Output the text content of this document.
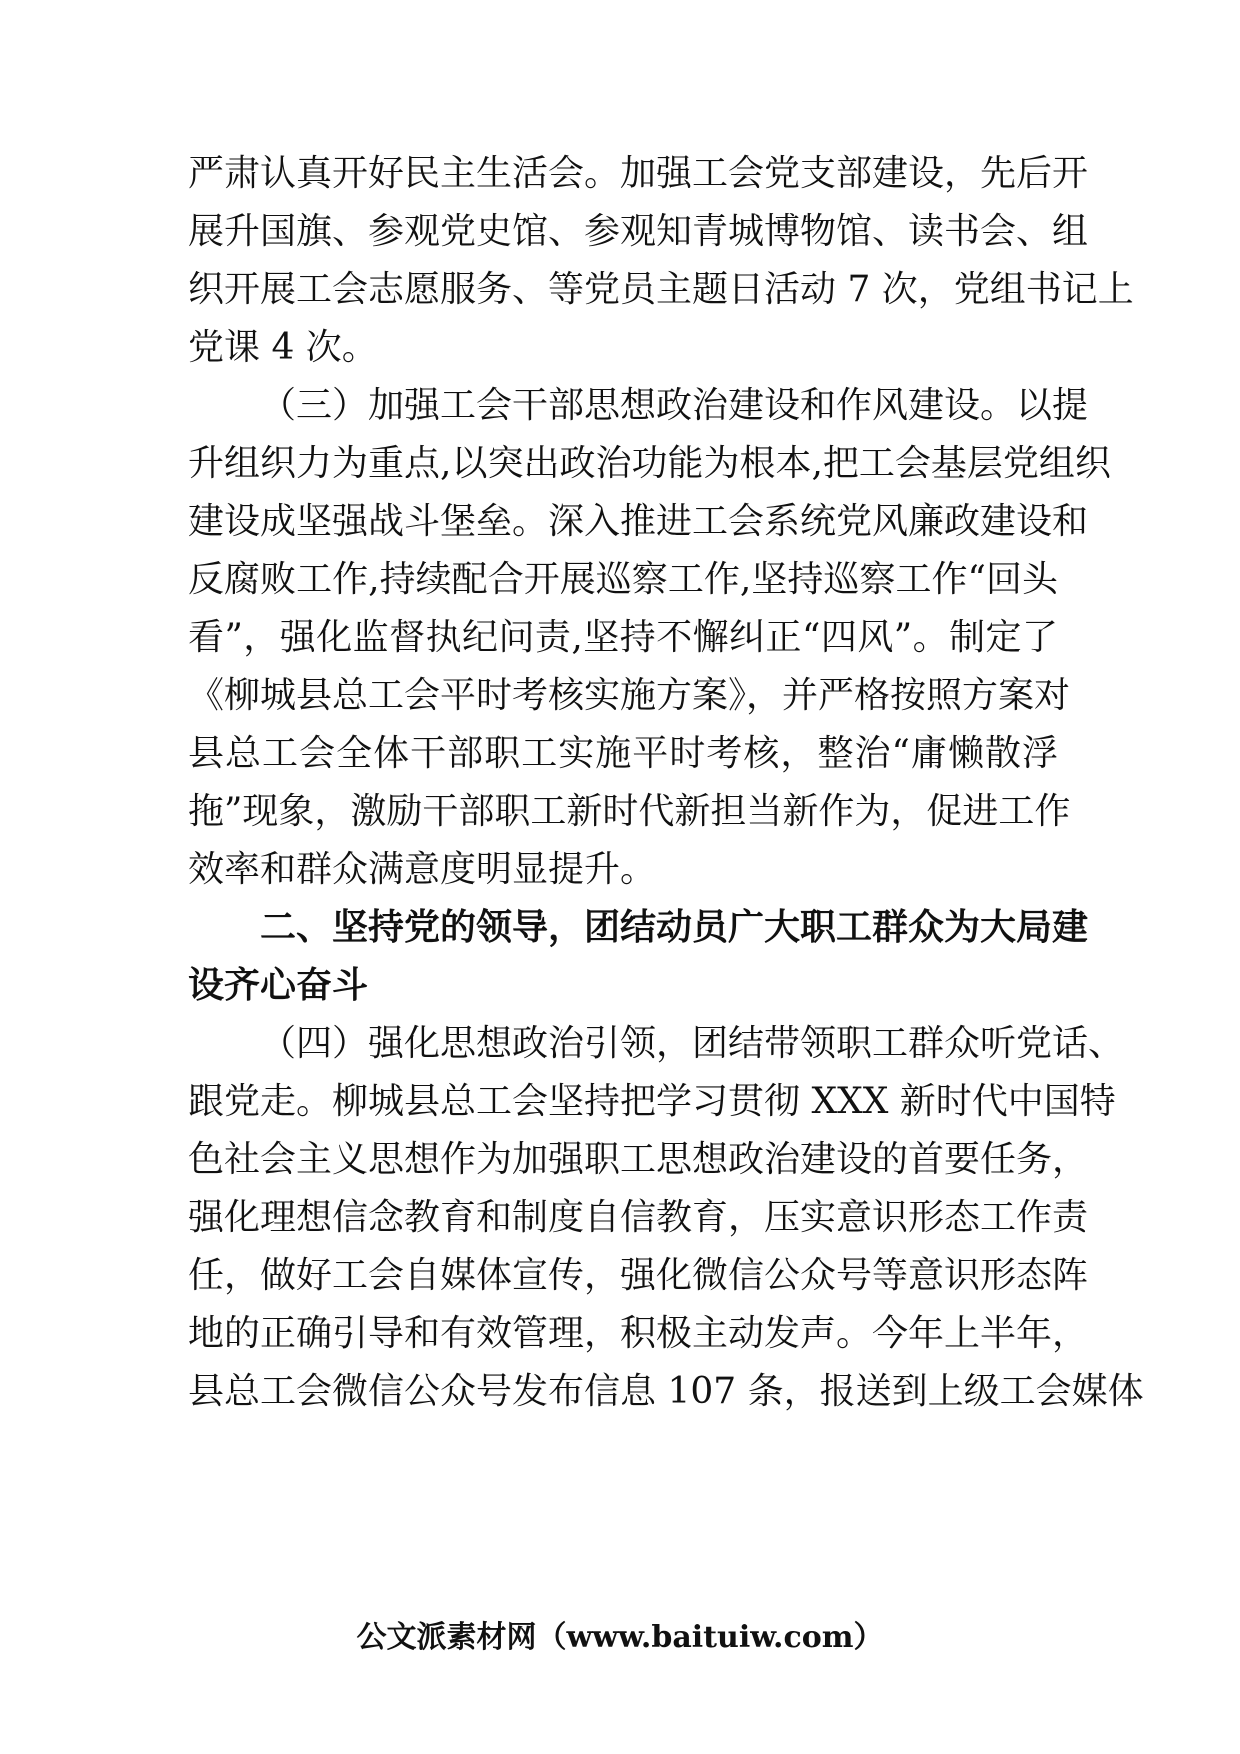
严肃认真开好民主生活会。加强工会党支部建设，先后开
展升国旗、参观党史馆、参观知青城博物馆、读书会、组
织开展工会志愿服务、等党员主题日活动 7 次，党组书记上
党课 4 次。
（三）加强工会干部思想政治建设和作风建设。以提
升组织力为重点,以突出政治功能为根本,把工会基层党组织
建设成坚强战斗堡垒。深入推进工会系统党风廉政建设和
反腐败工作,持续配合开展巡察工作,坚持巡察工作“回头
看”，强化监督执纪问责,坚持不懈纠正“四风”。制定了
《柳城县总工会平时考核实施方案》，并严格按照方案对
县总工会全体干部职工实施平时考核，整治“庸懒散浮
拖”现象，激励干部职工新时代新担当新作为，促进工作
效率和群众满意度明显提升。
二、坚持党的领导，团结动员广大职工群众为大局建
设齐心奋斗
（四）强化思想政治引领，团结带领职工群众听党话、
跟党走。柳城县总工会坚持把学习贯彻 XXX 新时代中国特
色社会主义思想作为加强职工思想政治建设的首要任务，
强化理想信念教育和制度自信教育，压实意识形态工作责
任，做好工会自媒体宣传，强化微信公众号等意识形态阵
地的正确引导和有效管理，积极主动发声。今年上半年，
县总工会微信公众号发布信息 107 条，报送到上级工会媒体
公文派素材网（www.baituiw.com）
